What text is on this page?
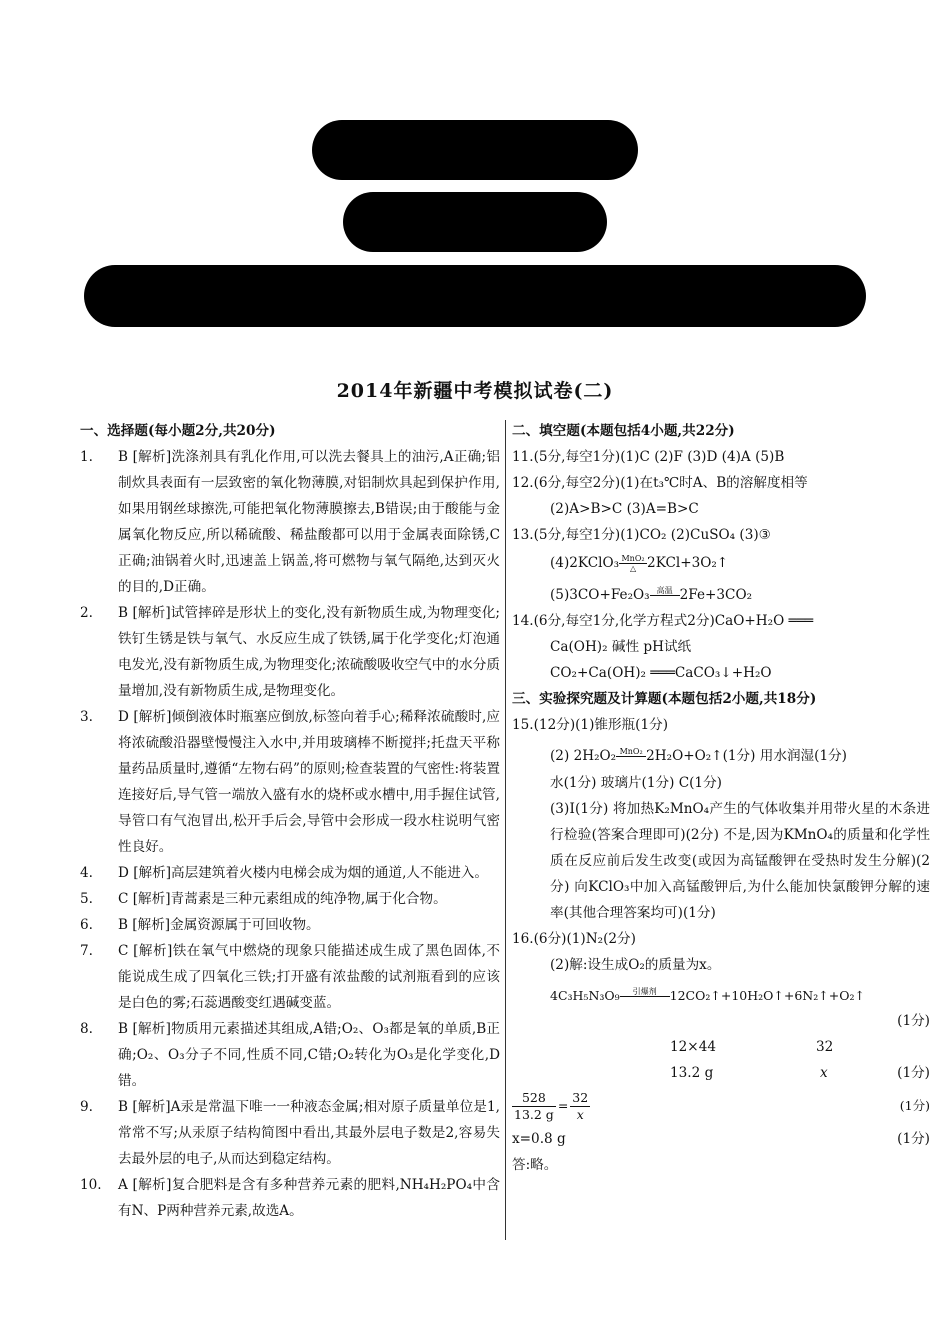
2014年新疆中考模拟试卷(二)
一、选择题(每小题2分,共20分)
1.	B [解析]洗涤剂具有乳化作用,可以洗去餐具上的油污,A正确;铝制炊具表面有一层致密的氧化物薄膜,对铝制炊具起到保护作用,如果用钢丝球擦洗,可能把氧化物薄膜擦去,B错误;由于酸能与金属氧化物反应,所以稀硫酸、稀盐酸都可以用于金属表面除锈,C正确;油锅着火时,迅速盖上锅盖,将可燃物与氧气隔绝,达到灭火的目的,D正确。
2.	B [解析]试管摔碎是形状上的变化,没有新物质生成,为物理变化;铁钉生锈是铁与氧气、水反应生成了铁锈,属于化学变化;灯泡通电发光,没有新物质生成,为物理变化;浓硫酸吸收空气中的水分质量增加,没有新物质生成,是物理变化。
3.	D [解析]倾倒液体时瓶塞应倒放,标签向着手心;稀释浓硫酸时,应将浓硫酸沿器壁慢慢注入水中,并用玻璃棒不断搅拌;托盘天平称量药品质量时,遵循“左物右码”的原则;检查装置的气密性:将装置连接好后,导气管一端放入盛有水的烧杯或水槽中,用手握住试管,导管口有气泡冒出,松开手后会,导管中会形成一段水柱说明气密性良好。
4.	D [解析]高层建筑着火楼内电梯会成为烟的通道,人不能进入。
5.	C [解析]青蒿素是三种元素组成的纯净物,属于化合物。
6.	B [解析]金属资源属于可回收物。
7.	C [解析]铁在氧气中燃烧的现象只能描述成生成了黑色固体,不能说成生成了四氧化三铁;打开盛有浓盐酸的试剂瓶看到的应该是白色的雾;石蕊遇酸变红遇碱变蓝。
8.	B [解析]物质用元素描述其组成,A错;O₂、O₃都是氧的单质,B正确;O₂、O₃分子不同,性质不同,C错;O₂转化为O₃是化学变化,D错。
9.	B [解析]A汞是常温下唯一一种液态金属;相对原子质量单位是1,常常不写;从汞原子结构简图中看出,其最外层电子数是2,容易失去最外层的电子,从而达到稳定结构。
10.	A [解析]复合肥料是含有多种营养元素的肥料,NH₄H₂PO₄中含有N、P两种营养元素,故选A。
二、填空题(本题包括4小题,共22分)
11.(5分,每空1分)(1)C (2)F (3)D (4)A (5)B
12.(6分,每空2分)(1)在t₃℃时A、B的溶解度相等
(2)A>B>C (3)A=B>C
13.(5分,每空1分)(1)CO₂ (2)CuSO₄ (3)③
(4)2KClO₃ MnO₂
△ 2KCl+3O₂↑
(5)3CO+Fe₂O₃ 高温
2Fe+3CO₂
14.(6分,每空1分,化学方程式2分)CaO+H₂O ═══
Ca(OH)₂ 碱性 pH试纸
CO₂+Ca(OH)₂ ═══CaCO₃↓+H₂O
三、实验探究题及计算题(本题包括2小题,共18分)
15.(12分)(1)锥形瓶(1分)
(2) 2H₂O₂ MnO₂
2H₂O+O₂↑(1分) 用水润湿(1分)
水(1分) 玻璃片(1分) C(1分)
(3)Ⅰ(1分) 将加热K₂MnO₄产生的气体收集并用带火星的木条进行检验(答案合理即可)(2分) 不是,因为KMnO₄的质量和化学性质在反应前后发生改变(或因为高锰酸钾在受热时发生分解)(2分) 向KClO₃中加入高锰酸钾后,为什么能加快氯酸钾分解的速率(其他合理答案均可)(1分)
16.(6分)(1)N₂(2分)
(2)解:设生成O₂的质量为x。
4C₃H₅N₃O₉	引爆剂
	12CO₂↑+10H₂O↑+6N₂↑+O₂↑
(1分)
12×44	32
13.2 g	x	(1分)
$\frac{528}{13.2 g} = \frac{32}{x}$	(1分)
x=0.8 g	(1分)
答:略。
